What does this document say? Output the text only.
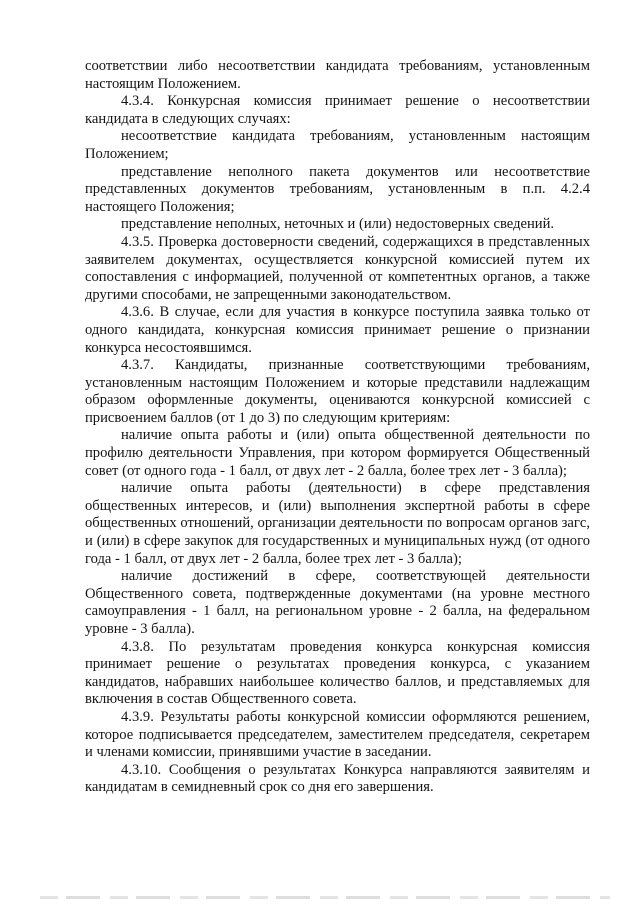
соответствии либо несоответствии кандидата требованиям, установленным настоящим Положением.

4.3.4. Конкурсная комиссия принимает решение о несоответствии кандидата в следующих случаях:

несоответствие кандидата требованиям, установленным настоящим Положением;

представление неполного пакета документов или несоответствие представленных документов требованиям, установленным в п.п. 4.2.4 настоящего Положения;

представление неполных, неточных и (или) недостоверных сведений.

4.3.5. Проверка достоверности сведений, содержащихся в представленных заявителем документах, осуществляется конкурсной комиссией путем их сопоставления с информацией, полученной от компетентных органов, а также другими способами, не запрещенными законодательством.

4.3.6. В случае, если для участия в конкурсе поступила заявка только от одного кандидата, конкурсная комиссия принимает решение о признании конкурса несостоявшимся.

4.3.7. Кандидаты, признанные соответствующими требованиям, установленным настоящим Положением и которые представили надлежащим образом оформленные документы, оцениваются конкурсной комиссией с присвоением баллов (от 1 до 3) по следующим критериям:

наличие опыта работы и (или) опыта общественной деятельности по профилю деятельности Управления, при котором формируется Общественный совет (от одного года - 1 балл, от двух лет - 2 балла, более трех лет - 3 балла);

наличие опыта работы (деятельности) в сфере представления общественных интересов, и (или) выполнения экспертной работы в сфере общественных отношений, организации деятельности по вопросам органов загс, и (или) в сфере закупок для государственных и муниципальных нужд (от одного года - 1 балл, от двух лет - 2 балла, более трех лет - 3 балла);

наличие достижений в сфере, соответствующей деятельности Общественного совета, подтвержденные документами (на уровне местного самоуправления - 1 балл, на региональном уровне - 2 балла, на федеральном уровне - 3 балла).

4.3.8. По результатам проведения конкурса конкурсная комиссия принимает решение о результатах проведения конкурса, с указанием кандидатов, набравших наибольшее количество баллов, и представляемых для включения в состав Общественного совета.

4.3.9. Результаты работы конкурсной комиссии оформляются решением, которое подписывается председателем, заместителем председателя, секретарем и членами комиссии, принявшими участие в заседании.

4.3.10. Сообщения о результатах Конкурса направляются заявителям и кандидатам в семидневный срок со дня его завершения.
